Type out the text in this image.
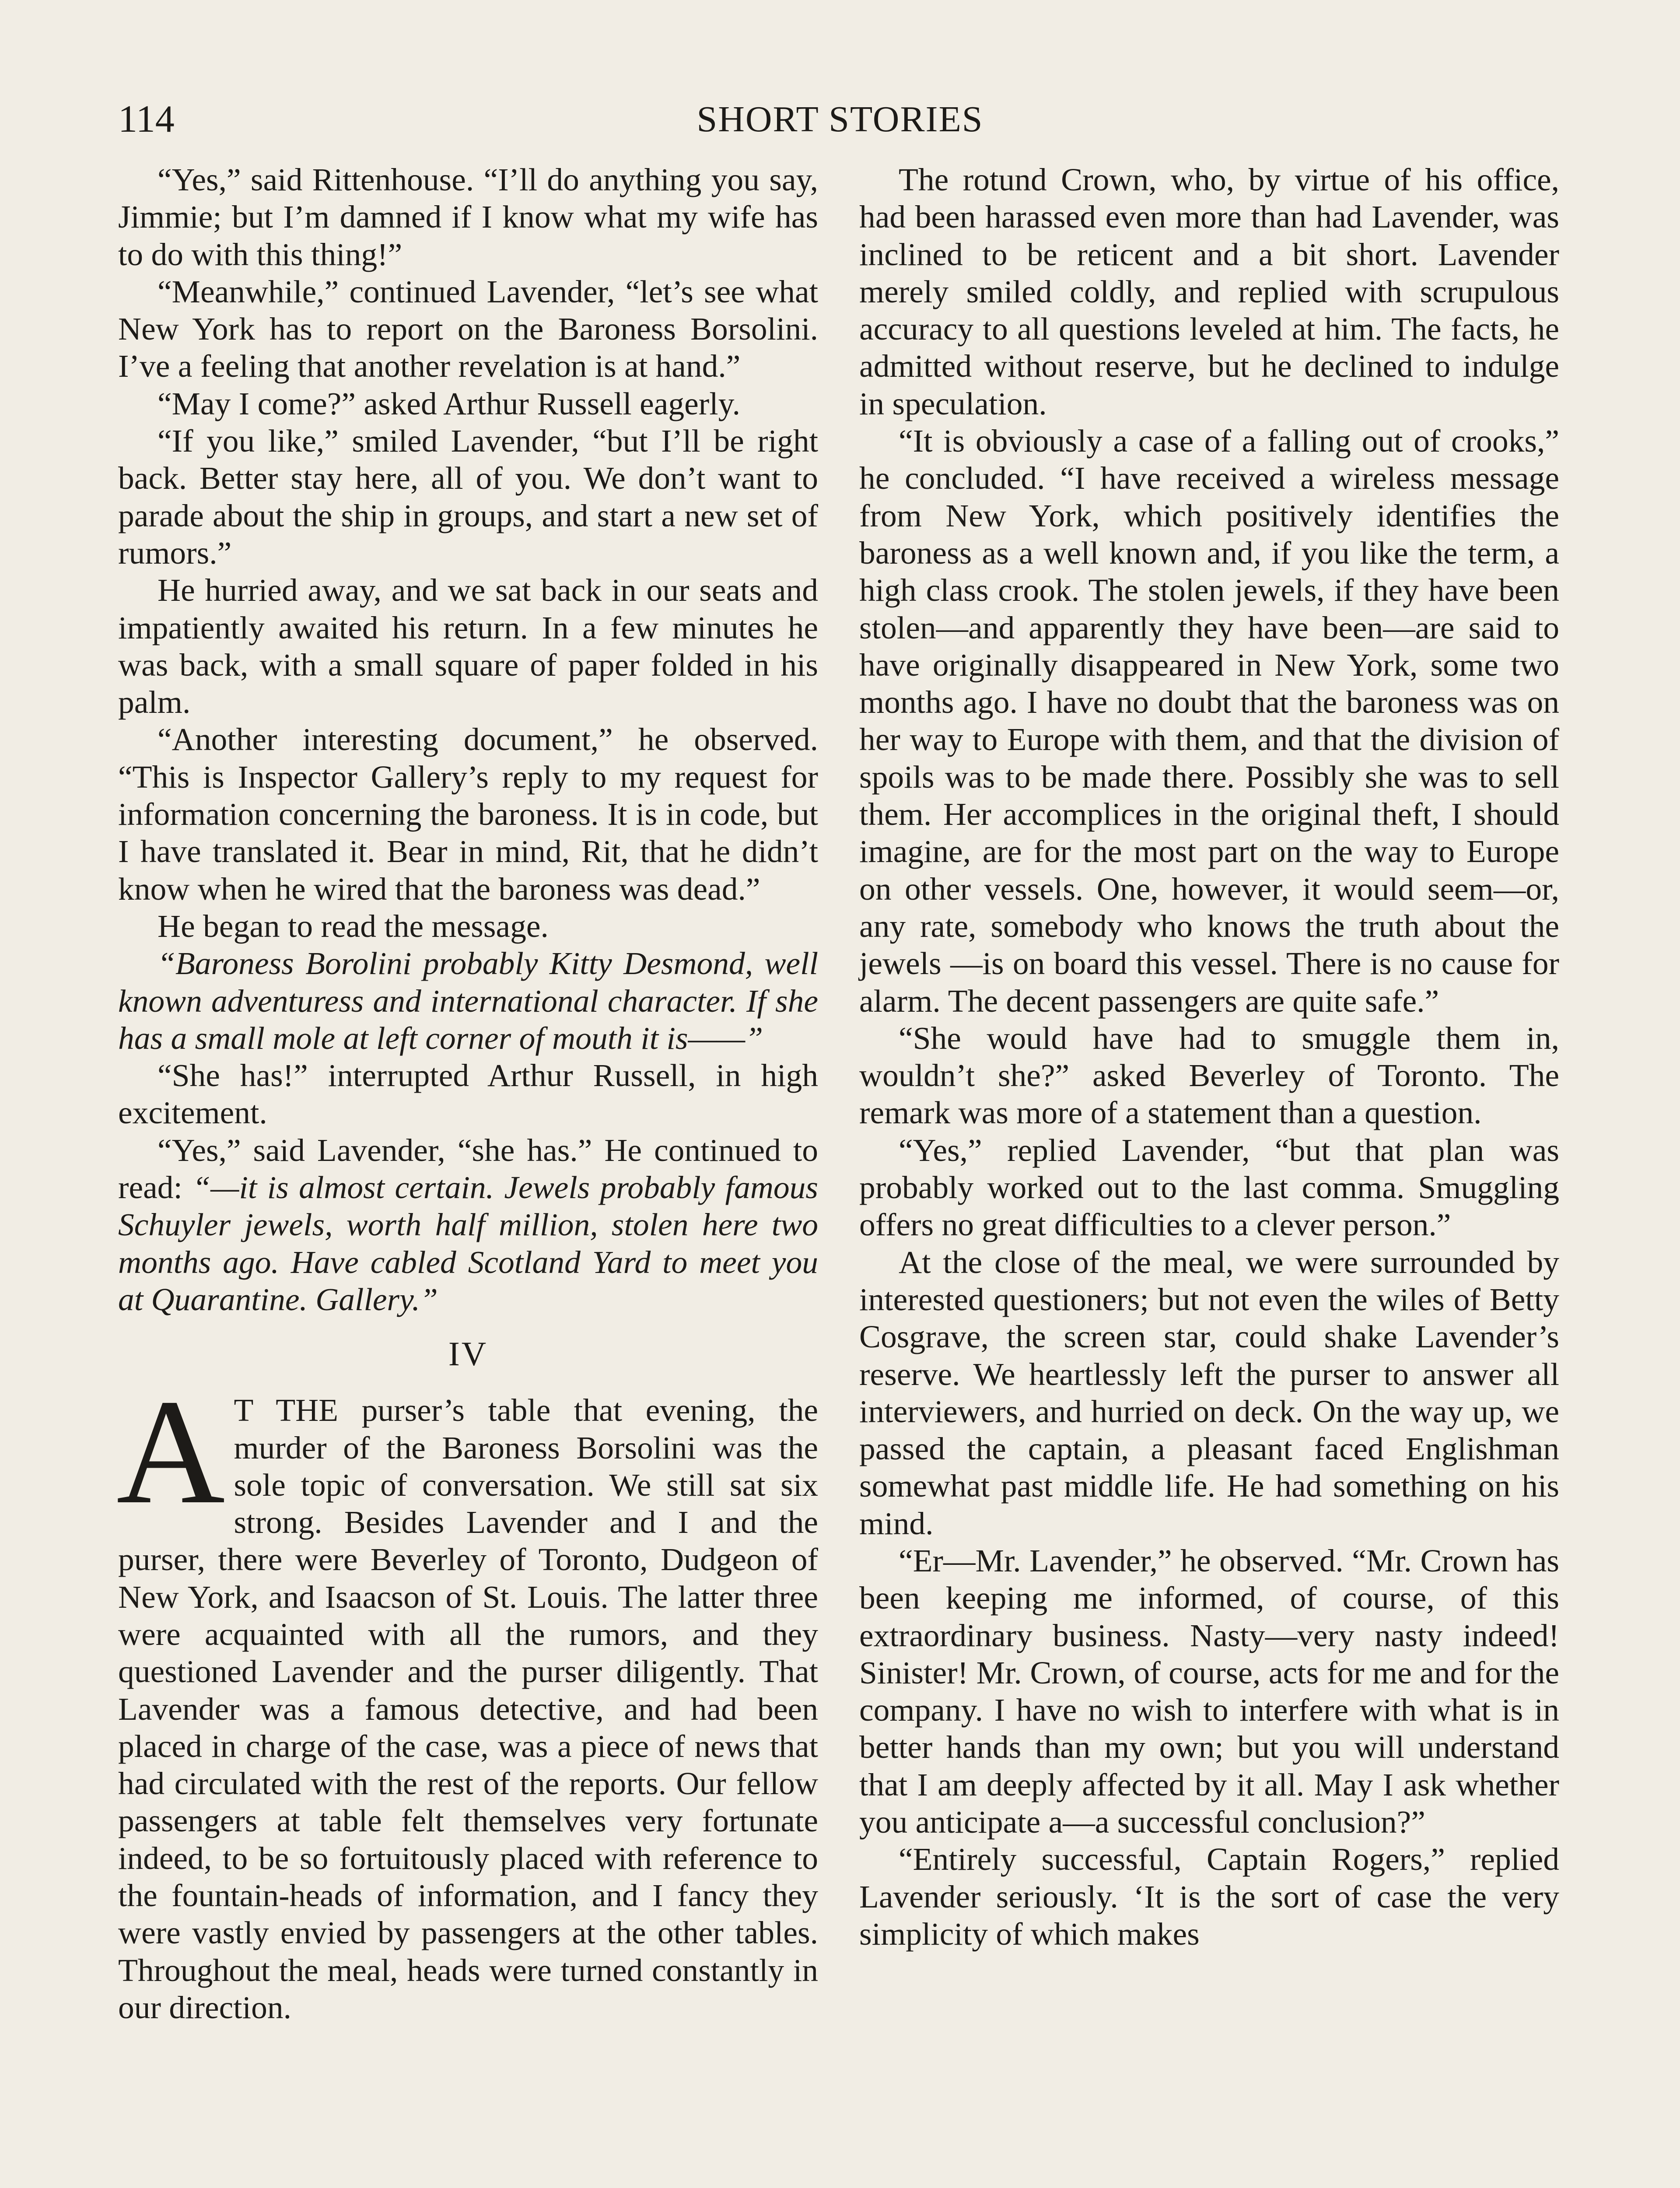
114	SHORT STORIES

“Yes,” said Rittenhouse. “I’ll do anything you say, Jimmie; but I’m damned if I know what my wife has to do with this thing!”

“Meanwhile,” continued Lavender, “let’s see what New York has to report on the Baroness Borsolini. I’ve a feeling that another revelation is at hand.”

“May I come?” asked Arthur Russell eagerly.

“If you like,” smiled Lavender, “but I’ll be right back. Better stay here, all of you. We don’t want to parade about the ship in groups, and start a new set of rumors.”

He hurried away, and we sat back in our seats and impatiently awaited his return. In a few minutes he was back, with a small square of paper folded in his palm.

“Another interesting document,” he observed. “This is Inspector Gallery’s reply to my request for information concerning the baroness. It is in code, but I have translated it. Bear in mind, Rit, that he didn’t know when he wired that the baroness was dead.”

He began to read the message.

“Baroness Borolini probably Kitty Desmond, well known adventuress and international character. If she has a small mole at left corner of mouth it is——”

“She has!” interrupted Arthur Russell, in high excitement.

“Yes,” said Lavender, “she has.” He continued to read: “—it is almost certain. Jewels probably famous Schuyler jewels, worth half million, stolen here two months ago. Have cabled Scotland Yard to meet you at Quarantine. Gallery.”

IV

A T THE purser’s table that evening, the murder of the Baroness Borsolini was the sole topic of conversation. We still sat six strong. Besides Lavender and I and the purser, there were Beverley of Toronto, Dudgeon of New York, and Isaacson of St. Louis. The latter three were acquainted with all the rumors, and they questioned Lavender and the purser diligently. That Lavender was a famous detective, and had been placed in charge of the case, was a piece of news that had circulated with the rest of the reports. Our fellow passengers at table felt themselves very fortunate indeed, to be so fortuitously placed with reference to the fountain-heads of information, and I fancy they were vastly envied by passengers at the other tables. Throughout the meal, heads were turned constantly in our direction.

The rotund Crown, who, by virtue of his office, had been harassed even more than had Lavender, was inclined to be reticent and a bit short. Lavender merely smiled coldly, and replied with scrupulous accuracy to all questions leveled at him. The facts, he admitted without reserve, but he declined to indulge in speculation.

“It is obviously a case of a falling out of crooks,” he concluded. “I have received a wireless message from New York, which positively identifies the baroness as a well known and, if you like the term, a high class crook. The stolen jewels, if they have been stolen—and apparently they have been—are said to have originally disappeared in New York, some two months ago. I have no doubt that the baroness was on her way to Europe with them, and that the division of spoils was to be made there. Possibly she was to sell them. Her accomplices in the original theft, I should imagine, are for the most part on the way to Europe on other vessels. One, however, it would seem—or, any rate, somebody who knows the truth about the jewels —is on board this vessel. There is no cause for alarm. The decent passengers are quite safe.”

“She would have had to smuggle them in, wouldn’t she?” asked Beverley of Toronto. The remark was more of a statement than a question.

“Yes,” replied Lavender, “but that plan was probably worked out to the last comma. Smuggling offers no great difficulties to a clever person.”

At the close of the meal, we were surrounded by interested questioners; but not even the wiles of Betty Cosgrave, the screen star, could shake Lavender’s reserve. We heartlessly left the purser to answer all interviewers, and hurried on deck. On the way up, we passed the captain, a pleasant faced Englishman somewhat past middle life. He had something on his mind.

“Er—Mr. Lavender,” he observed. “Mr. Crown has been keeping me informed, of course, of this extraordinary business. Nasty—very nasty indeed! Sinister! Mr. Crown, of course, acts for me and for the company. I have no wish to interfere with what is in better hands than my own; but you will understand that I am deeply affected by it all. May I ask whether you anticipate a—a successful conclusion?”

“Entirely successful, Captain Rogers,” replied Lavender seriously. ‘It is the sort of case the very simplicity of which makes
